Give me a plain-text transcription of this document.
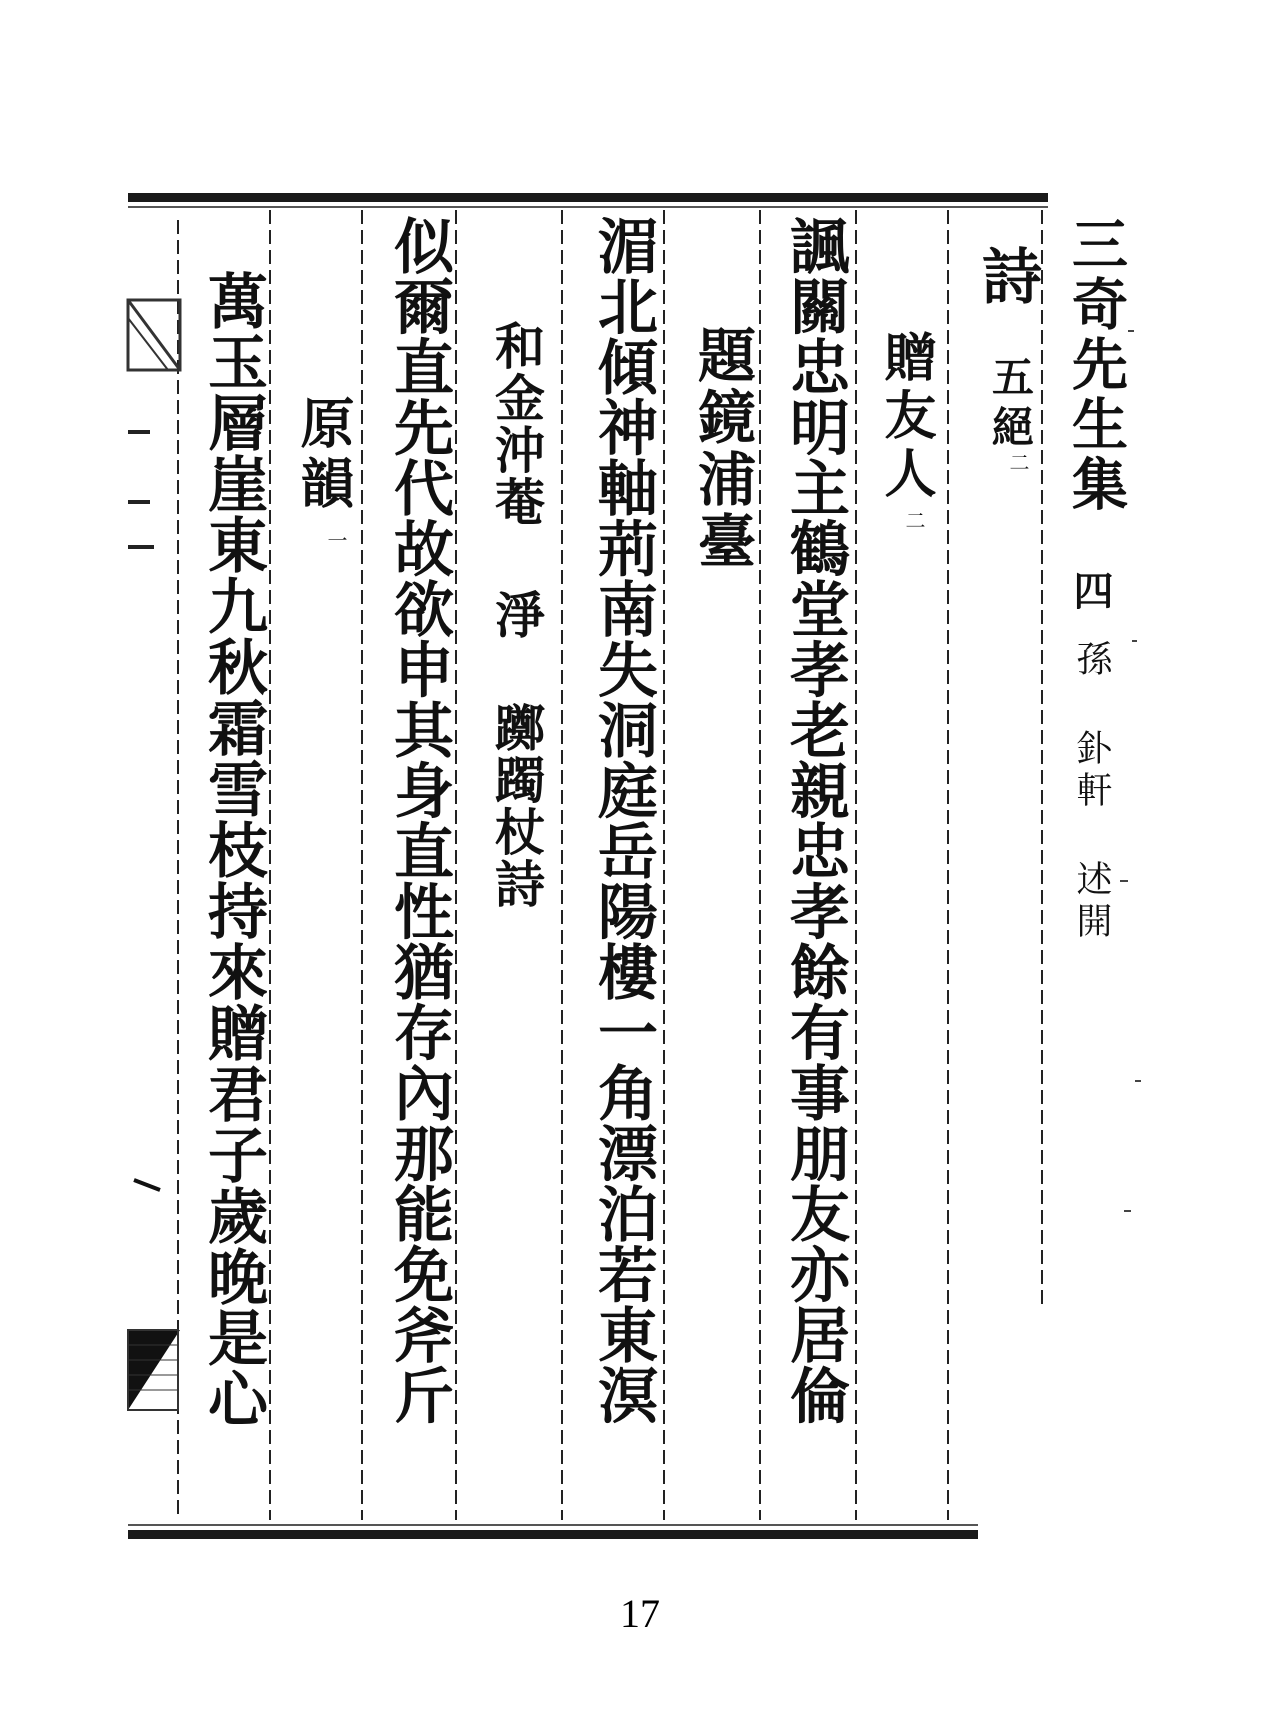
三奇先生集

四

孫 釙軒 述開

詩

五絕

二

贈友人

二

諷關忠明主鶴堂孝老親忠孝餘有事朋友亦居倫

題鏡浦臺

湄北傾神軸荊南失洞庭岳陽樓一角漂泊若東溟

和金沖菴 淨 躑躅杖詩

似爾直先代故欲申其身直性猶存內那能免斧斤

原韻

一

萬玉層崖東九秋霜雪枝持來贈君子歲晚是心

17
